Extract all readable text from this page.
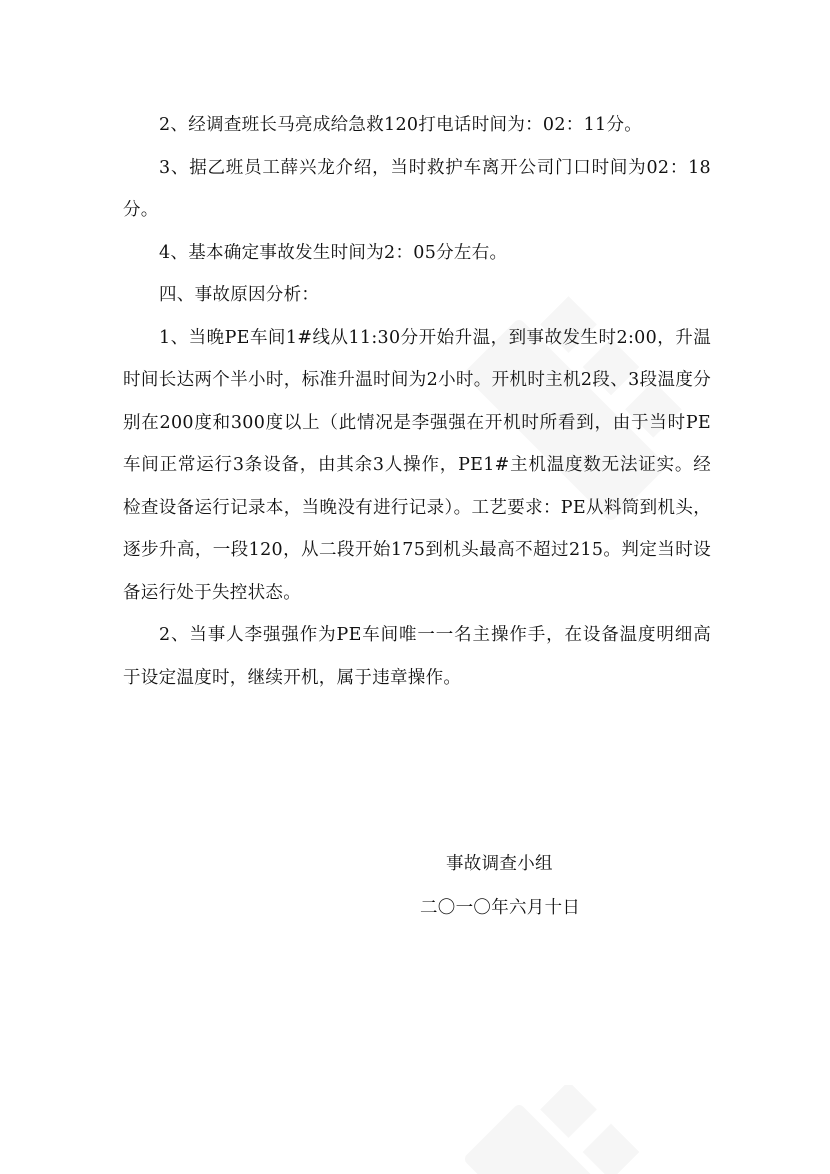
2、经调查班长马亮成给急救120打电话时间为：02：11分。

3、据乙班员工薛兴龙介绍，当时救护车离开公司门口时间为02：18分。

4、基本确定事故发生时间为2：05分左右。

四、事故原因分析：

1、当晚PE车间1#线从11:30分开始升温，到事故发生时2:00，升温时间长达两个半小时，标准升温时间为2小时。开机时主机2段、3段温度分别在200度和300度以上（此情况是李强强在开机时所看到，由于当时PE车间正常运行3条设备，由其余3人操作，PE1#主机温度数无法证实。经检查设备运行记录本，当晚没有进行记录）。工艺要求：PE从料筒到机头，逐步升高，一段120，从二段开始175到机头最高不超过215。判定当时设备运行处于失控状态。

2、当事人李强强作为PE车间唯一一名主操作手，在设备温度明细高于设定温度时，继续开机，属于违章操作。

事故调查小组
二〇一〇年六月十日
